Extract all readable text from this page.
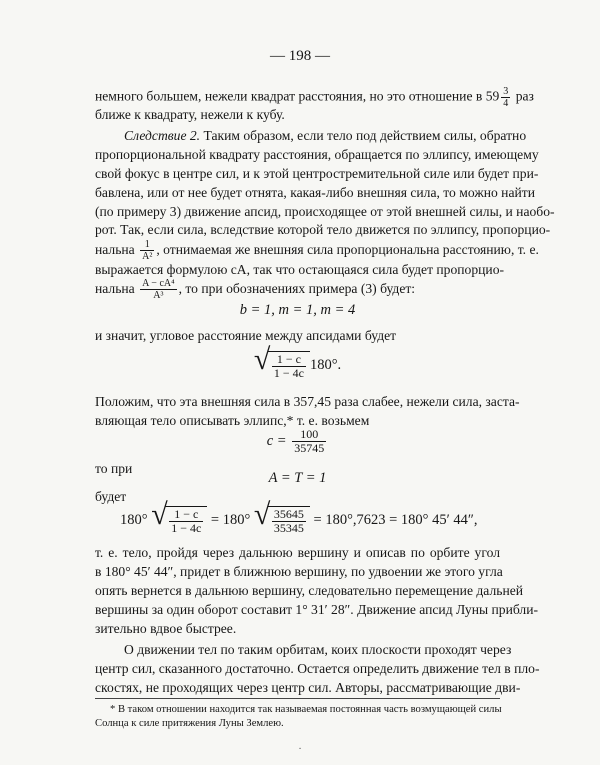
— 198 —
немного большем, нежели квадрат расстояния, но это отношение в $59 \frac{3}{4}$ раз
ближе к квадрату, нежели к кубу.
Следствие 2. Таким образом, если тело под действием силы, обратно
пропорциональной квадрату расстояния, обращается по эллипсу, имеющему
свой фокус в центре сил, и к этой центростремительной силе или будет при-
бавлена, или от нее будет отнята, какая-либо внешняя сила, то можно найти
(по примеру 3) движение апсид, происходящее от этой внешней силы, и наобо-
рот. Так, если сила, вследствие которой тело движется по эллипсу, пропорцио-
нальна $\frac{1}{\text{A²}}$ , отнимаемая же внешняя сила пропорциональна расстоянию, т. е.
выражается формулою cA, так что остающаяся сила будет пропорцио-
нальна $\frac{\text{A − cA⁴}}{\text{A³}}$ , то при обозначениях примера (3) будет:
b = 1, m = 1, m = 4
и значит, угловое расстояние между апсидами будет
√ $\frac{1 - c}{1 - 4c} 180^\circ$.
Положим, что эта внешняя сила в 357,45 раза слабее, нежели сила, заста-
вляющая тело описывать эллипс,* т. е. возьмем
$c = \frac{100}{35745}$
то при
A = T = 1
будет
180° √ $\frac{1 - c}{1 - 4c} = 180^\circ$ √ $\frac{35645}{35345} = 180^\circ,7623 = 180^\circ$ 45′ 44″,
т. е. тело, пройдя через дальнюю вершину и описав по орбите угол
в 180° 45′ 44″, придет в ближнюю вершину, по удвоении же этого угла
опять вернется в дальнюю вершину, следовательно перемещение дальней
вершины за один оборот составит 1° 31′ 28″. Движение апсид Луны прибли-
зительно вдвое быстрее.
О движении тел по таким орбитам, коих плоскости проходят через
центр сил, сказанного достаточно. Остается определить движение тел в пло-
скостях, не проходящих через центр сил. Авторы, рассматривающие дви-
* В таком отношении находится так называемая постоянная часть возмущающей силы
Солнца к силе притяжения Луны Землею.
·
